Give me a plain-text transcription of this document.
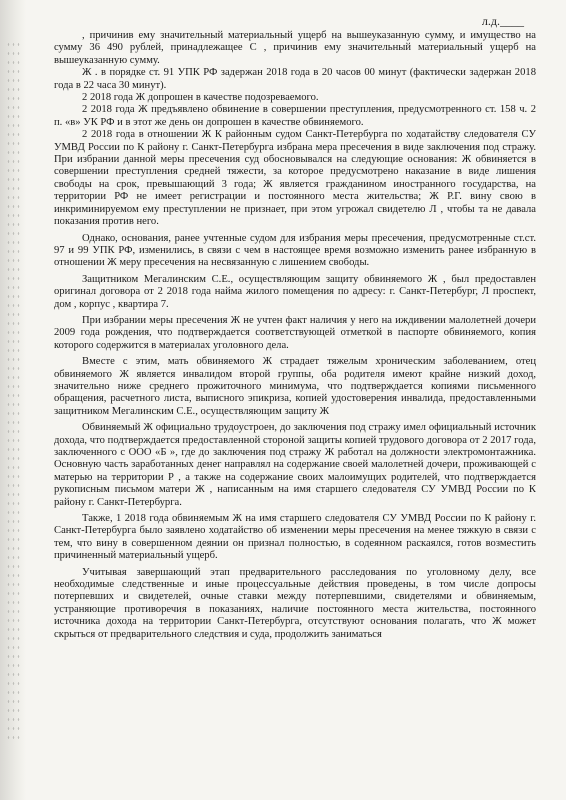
л.д.____

, причинив ему значительный материальный ущерб на вышеуказанную сумму, и имущество на сумму 36 490 рублей, принадлежащее С , причинив ему значительный материальный ущерб на вышеуказанную сумму.

Ж . в порядке ст. 91 УПК РФ задержан 2018 года в 20 часов 00 минут (фактически задержан 2018 года в 22 часа 30 минут).

2 2018 года Ж допрошен в качестве подозреваемого.

2 2018 года Ж предъявлено обвинение в совершении преступления, предусмотренного ст. 158 ч. 2 п. «в» УК РФ и в этот же день он допрошен в качестве обвиняемого.

2 2018 года в отношении Ж К районным судом Санкт-Петербурга по ходатайству следователя СУ УМВД России по К району г. Санкт-Петербурга избрана мера пресечения в виде заключения под стражу. При избрании данной меры пресечения суд обосновывался на следующие основания: Ж обвиняется в совершении преступления средней тяжести, за которое предусмотрено наказание в виде лишения свободы на срок, превышающий 3 года; Ж является гражданином иностранного государства, на территории РФ не имеет регистрации и постоянного места жительства; Ж Р.Г. вину свою в инкриминируемом ему преступлении не признает, при этом угрожал свидетелю Л , чтобы та не давала показания против него.

Однако, основания, ранее учтенные судом для избрания меры пресечения, предусмотренные ст.ст. 97 и 99 УПК РФ, изменились, в связи с чем в настоящее время возможно изменить ранее избранную в отношении Ж меру пресечения на несвязанную с лишением свободы.

Защитником Мегалинским С.Е., осуществляющим защиту обвиняемого Ж , был предоставлен оригинал договора от 2 2018 года найма жилого помещения по адресу: г. Санкт-Петербург, Л проспект, дом , корпус , квартира 7.

При избрании меры пресечения Ж не учтен факт наличия у него на иждивении малолетней дочери 2009 года рождения, что подтверждается соответствующей отметкой в паспорте обвиняемого, копия которого содержится в материалах уголовного дела.

Вместе с этим, мать обвиняемого Ж страдает тяжелым хроническим заболеванием, отец обвиняемого Ж является инвалидом второй группы, оба родителя имеют крайне низкий доход, значительно ниже среднего прожиточного минимума, что подтверждается копиями письменного обращения, расчетного листа, выписного эпикриза, копией удостоверения инвалида, предоставленными защитником Мегалинским С.Е., осуществляющим защиту Ж

Обвиняемый Ж официально трудоустроен, до заключения под стражу имел официальный источник дохода, что подтверждается предоставленной стороной защиты копией трудового договора от 2 2017 года, заключенного с ООО «Б », где до заключения под стражу Ж работал на должности электромонтажника. Основную часть заработанных денег направлял на содержание своей малолетней дочери, проживающей с матерью на территории Р , а также на содержание своих малоимущих родителей, что подтверждается рукописным письмом матери Ж , написанным на имя старшего следователя СУ УМВД России по К району г. Санкт-Петербурга.

Также, 1 2018 года обвиняемым Ж на имя старшего следователя СУ УМВД России по К району г. Санкт-Петербурга было заявлено ходатайство об изменении меры пресечения на менее тяжкую в связи с тем, что вину в совершенном деянии он признал полностью, в содеянном раскаялся, готов возместить причиненный материальный ущерб.

Учитывая завершающий этап предварительного расследования по уголовному делу, все необходимые следственные и иные процессуальные действия проведены, в том числе допросы потерпевших и свидетелей, очные ставки между потерпевшими, свидетелями и обвиняемым, устраняющие противоречия в показаниях, наличие постоянного места жительства, постоянного источника дохода на территории Санкт-Петербурга, отсутствуют основания полагать, что Ж может скрыться от предварительного следствия и суда, продолжить заниматься
